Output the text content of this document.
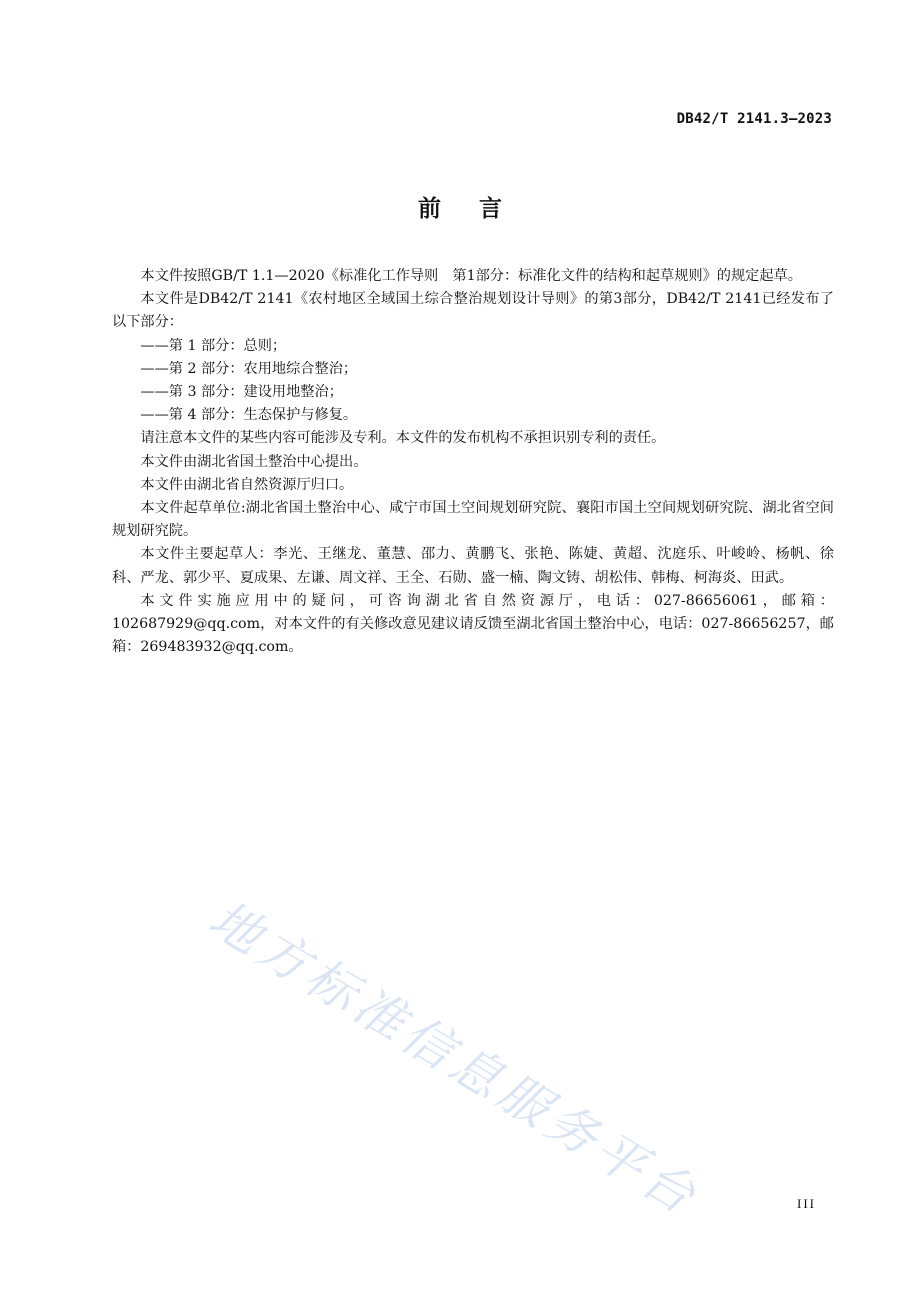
DB42/T 2141.3—2023
前言

本文件按照GB/T 1.1—2020《标准化工作导则　第1部分：标准化文件的结构和起草规则》的规定起草。

本文件是DB42/T 2141《农村地区全域国土综合整治规划设计导则》的第3部分，DB42/T 2141已经发布了以下部分：

——第 1 部分：总则；

——第 2 部分：农用地综合整治；

——第 3 部分：建设用地整治；

——第 4 部分：生态保护与修复。

请注意本文件的某些内容可能涉及专利。本文件的发布机构不承担识别专利的责任。

本文件由湖北省国土整治中心提出。

本文件由湖北省自然资源厅归口。

本文件起草单位:湖北省国土整治中心、咸宁市国土空间规划研究院、襄阳市国土空间规划研究院、湖北省空间规划研究院。

本文件主要起草人：李光、王继龙、董慧、邵力、黄鹏飞、张艳、陈婕、黄超、沈庭乐、叶峻岭、杨帆、徐科、严龙、郭少平、夏成果、左谦、周文祥、王全、石勋、盛一楠、陶文铸、胡松伟、韩梅、柯海炎、田武。

本文件实施应用中的疑问，可咨询湖北省自然资源厅，电话：027-86656061，邮箱：102687929@qq.com，对本文件的有关修改意见建议请反馈至湖北省国土整治中心，电话：027-86656257，邮箱：269483932@qq.com。

地方标准信息服务平台	III
